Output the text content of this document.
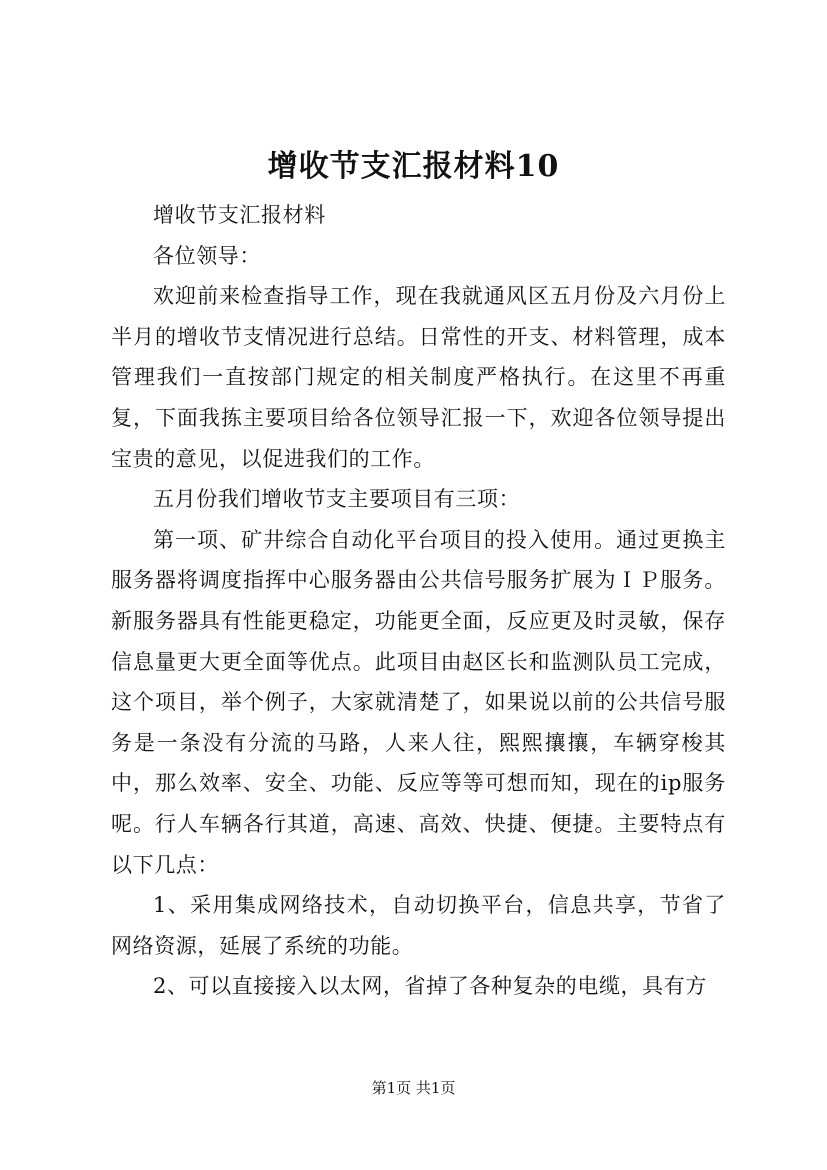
增收节支汇报材料10

增收节支汇报材料

各位领导：

欢迎前来检查指导工作，现在我就通风区五月份及六月份上半月的增收节支情况进行总结。日常性的开支、材料管理，成本管理我们一直按部门规定的相关制度严格执行。在这里不再重复，下面我拣主要项目给各位领导汇报一下，欢迎各位领导提出宝贵的意见，以促进我们的工作。

五月份我们增收节支主要项目有三项：

第一项、矿井综合自动化平台项目的投入使用。通过更换主服务器将调度指挥中心服务器由公共信号服务扩展为ＩＰ服务。新服务器具有性能更稳定，功能更全面，反应更及时灵敏，保存信息量更大更全面等优点。此项目由赵区长和监测队员工完成，这个项目，举个例子，大家就清楚了，如果说以前的公共信号服务是一条没有分流的马路，人来人往，熙熙攘攘，车辆穿梭其中，那么效率、安全、功能、反应等等可想而知，现在的ip服务呢。行人车辆各行其道，高速、高效、快捷、便捷。主要特点有以下几点：

1、采用集成网络技术，自动切换平台，信息共享，节省了网络资源，延展了系统的功能。

2、可以直接接入以太网，省掉了各种复杂的电缆，具有方

第1页 共1页
